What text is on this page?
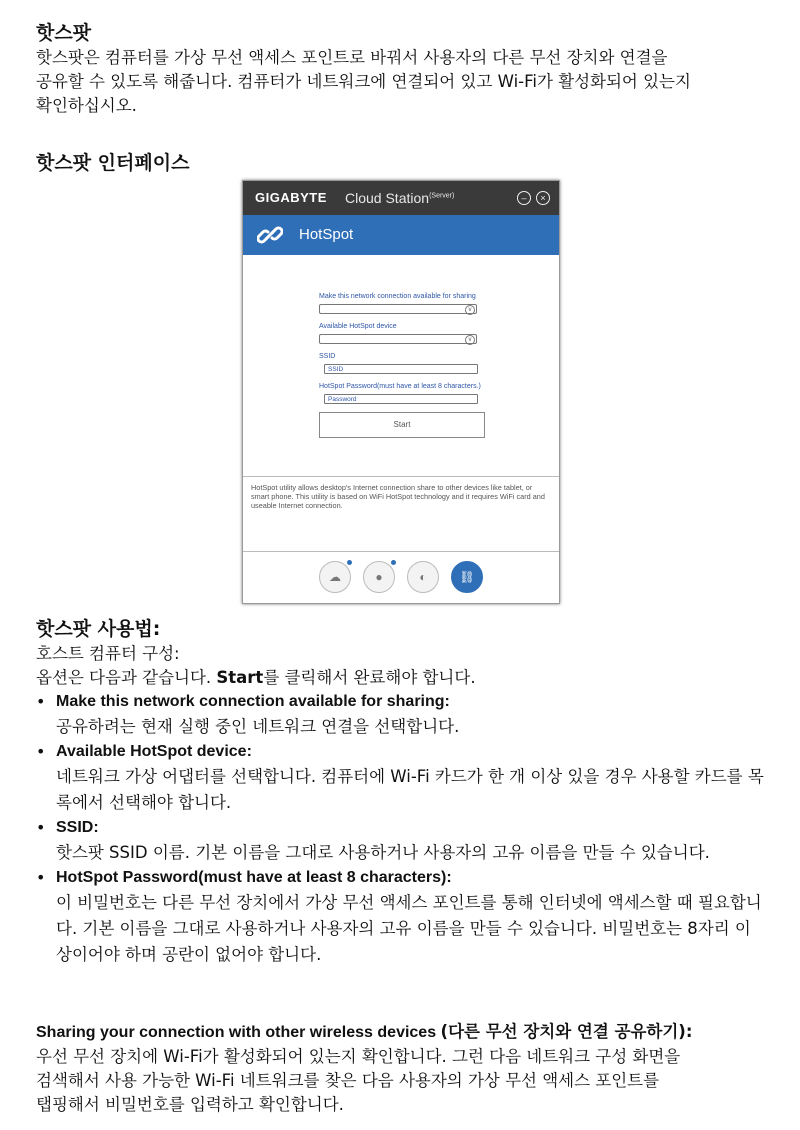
핫스팟

핫스팟은 컴퓨터를 가상 무선 액세스 포인트로 바꿔서 사용자의 다른 무선 장치와 연결을

공유할 수 있도록 해줍니다. 컴퓨터가 네트워크에 연결되어 있고 Wi-Fi가 활성화되어 있는지

확인하십시오.

핫스팟 인터페이스
핫스팟 사용법:

호스트 컴퓨터 구성:

옵션은 다음과 같습니다. Start를 클릭해서 완료해야 합니다.

• Make this network connection available for sharing:
공유하려는 현재 실행 중인 네트워크 연결을 선택합니다.
• Available HotSpot device:
네트워크 가상 어댑터를 선택합니다. 컴퓨터에 Wi-Fi 카드가 한 개 이상 있을 경우 사용할 카드를 목록에서 선택해야 합니다.
• SSID:
핫스팟 SSID 이름. 기본 이름을 그대로 사용하거나 사용자의 고유 이름을 만들 수 있습니다.
• HotSpot Password(must have at least 8 characters):
이 비밀번호는 다른 무선 장치에서 가상 무선 액세스 포인트를 통해 인터넷에 액세스할 때 필요합니다. 기본 이름을 그대로 사용하거나 사용자의 고유 이름을 만들 수 있습니다. 비밀번호는 8자리 이상이어야 하며 공란이 없어야 합니다.

Sharing your connection with other wireless devices (다른 무선 장치와 연결 공유하기):

우선 무선 장치에 Wi-Fi가 활성화되어 있는지 확인합니다. 그런 다음 네트워크 구성 화면을

검색해서 사용 가능한 Wi-Fi 네트워크를 찾은 다음 사용자의 가상 무선 액세스 포인트를

탭핑해서 비밀번호를 입력하고 확인합니다.

GIGABYTE Cloud Station$^{(Server)}$	–	×
HotSpot
Make this network connection available for sharing
v
Available HotSpot device
v
SSID
SSID
HotSpot Password(must have at least 8 characters.)
Password
Start
HotSpot utility allows desktop's Internet connection share to other devices like tablet, or smart phone. This utility is based on WiFi HotSpot technology and it requires WiFi card and useable Internet connection.
☁	●	◐	⛓
